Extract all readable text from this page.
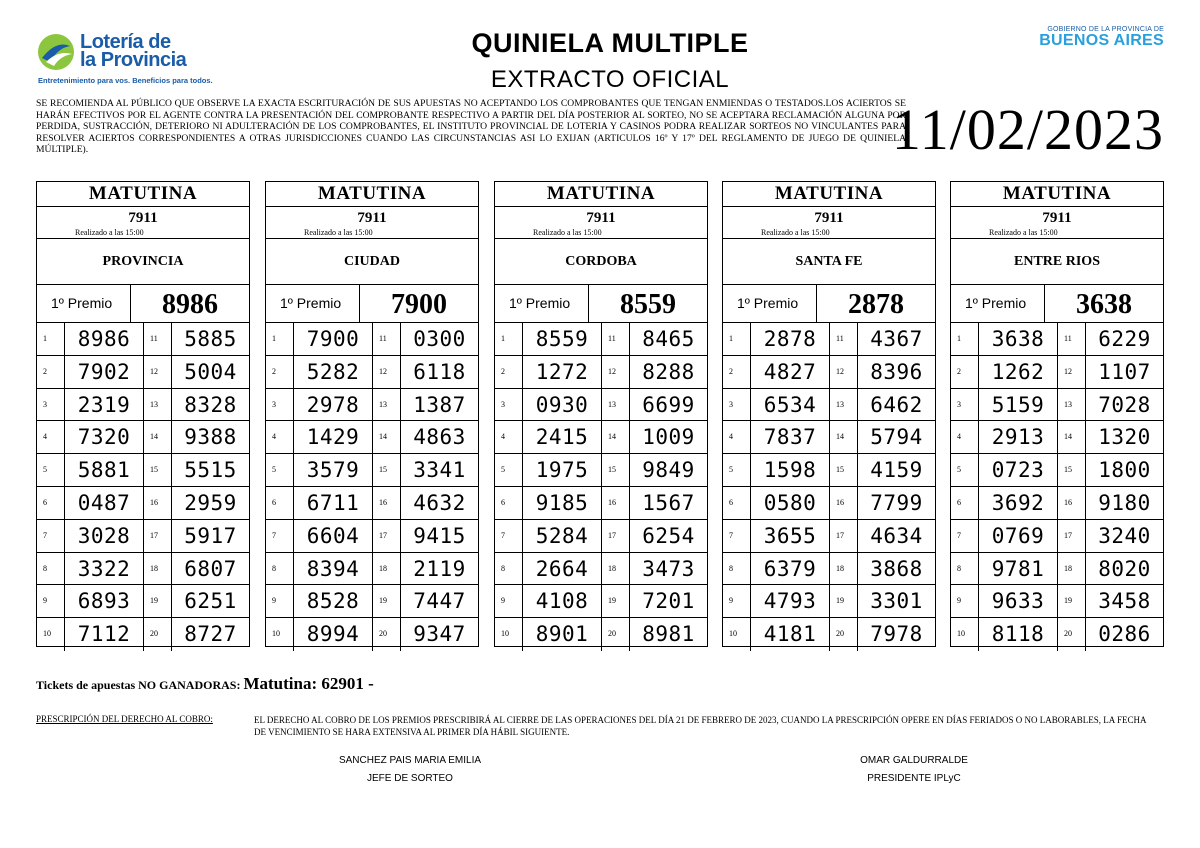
Lotería de
la Provincia
Entretenimiento para vos. Beneficios para todos.
QUINIELA MULTIPLE
EXTRACTO OFICIAL
GOBIERNO DE LA PROVINCIA DE
BUENOS AIRES
SE RECOMIENDA AL PÚBLICO QUE OBSERVE LA EXACTA ESCRITURACIÓN DE SUS APUESTAS NO ACEPTANDO LOS COMPROBANTES QUE TENGAN ENMIENDAS O TESTADOS.LOS ACIERTOS SE HARÁN EFECTIVOS POR EL AGENTE CONTRA LA PRESENTACIÓN DEL COMPROBANTE RESPECTIVO A PARTIR DEL DÍA POSTERIOR AL SORTEO, NO SE ACEPTARA RECLAMACIÓN ALGUNA POR PERDIDA, SUSTRACCIÓN, DETERIORO NI ADULTERACIÓN DE LOS COMPROBANTES, EL INSTITUTO PROVINCIAL DE LOTERIA Y CASINOS PODRA REALIZAR SORTEOS NO VINCULANTES PARA RESOLVER ACIERTOS CORRESPONDIENTES A OTRAS JURISDICCIONES CUANDO LAS CIRCUNSTANCIAS ASI LO EXIJAN (ARTICULOS 16º Y 17º DEL REGLAMENTO DE JUEGO DE QUINIELA MÚLTIPLE).	11/02/2023
MATUTINA
7911
Realizado a las 15:00
PROVINCIA
1º Premio	8986
1	8986	11	5885
2	7902	12	5004
3	2319	13	8328
4	7320	14	9388
5	5881	15	5515
6	0487	16	2959
7	3028	17	5917
8	3322	18	6807
9	6893	19	6251
10	7112	20	8727
MATUTINA
7911
Realizado a las 15:00
CIUDAD
1º Premio	7900
1	7900	11	0300
2	5282	12	6118
3	2978	13	1387
4	1429	14	4863
5	3579	15	3341
6	6711	16	4632
7	6604	17	9415
8	8394	18	2119
9	8528	19	7447
10	8994	20	9347
MATUTINA
7911
Realizado a las 15:00
CORDOBA
1º Premio	8559
1	8559	11	8465
2	1272	12	8288
3	0930	13	6699
4	2415	14	1009
5	1975	15	9849
6	9185	16	1567
7	5284	17	6254
8	2664	18	3473
9	4108	19	7201
10	8901	20	8981
MATUTINA
7911
Realizado a las 15:00
SANTA FE
1º Premio	2878
1	2878	11	4367
2	4827	12	8396
3	6534	13	6462
4	7837	14	5794
5	1598	15	4159
6	0580	16	7799
7	3655	17	4634
8	6379	18	3868
9	4793	19	3301
10	4181	20	7978
MATUTINA
7911
Realizado a las 15:00
ENTRE RIOS
1º Premio	3638
1	3638	11	6229
2	1262	12	1107
3	5159	13	7028
4	2913	14	1320
5	0723	15	1800
6	3692	16	9180
7	0769	17	3240
8	9781	18	8020
9	9633	19	3458
10	8118	20	0286
Tickets de apuestas NO GANADORAS: Matutina: 62901 -
PRESCRIPCIÓN DEL DERECHO AL COBRO:	EL DERECHO AL COBRO DE LOS PREMIOS PRESCRIBIRÁ AL CIERRE DE LAS OPERACIONES DEL DÍA 21 DE FEBRERO DE 2023, CUANDO LA PRESCRIPCIÓN OPERE EN DÍAS FERIADOS O NO LABORABLES, LA FECHA DE VENCIMIENTO SE HARA EXTENSIVA AL PRIMER DÍA HÁBIL SIGUIENTE.
SANCHEZ PAIS MARIA EMILIA
JEFE DE SORTEO
OMAR GALDURRALDE
PRESIDENTE IPLyC
